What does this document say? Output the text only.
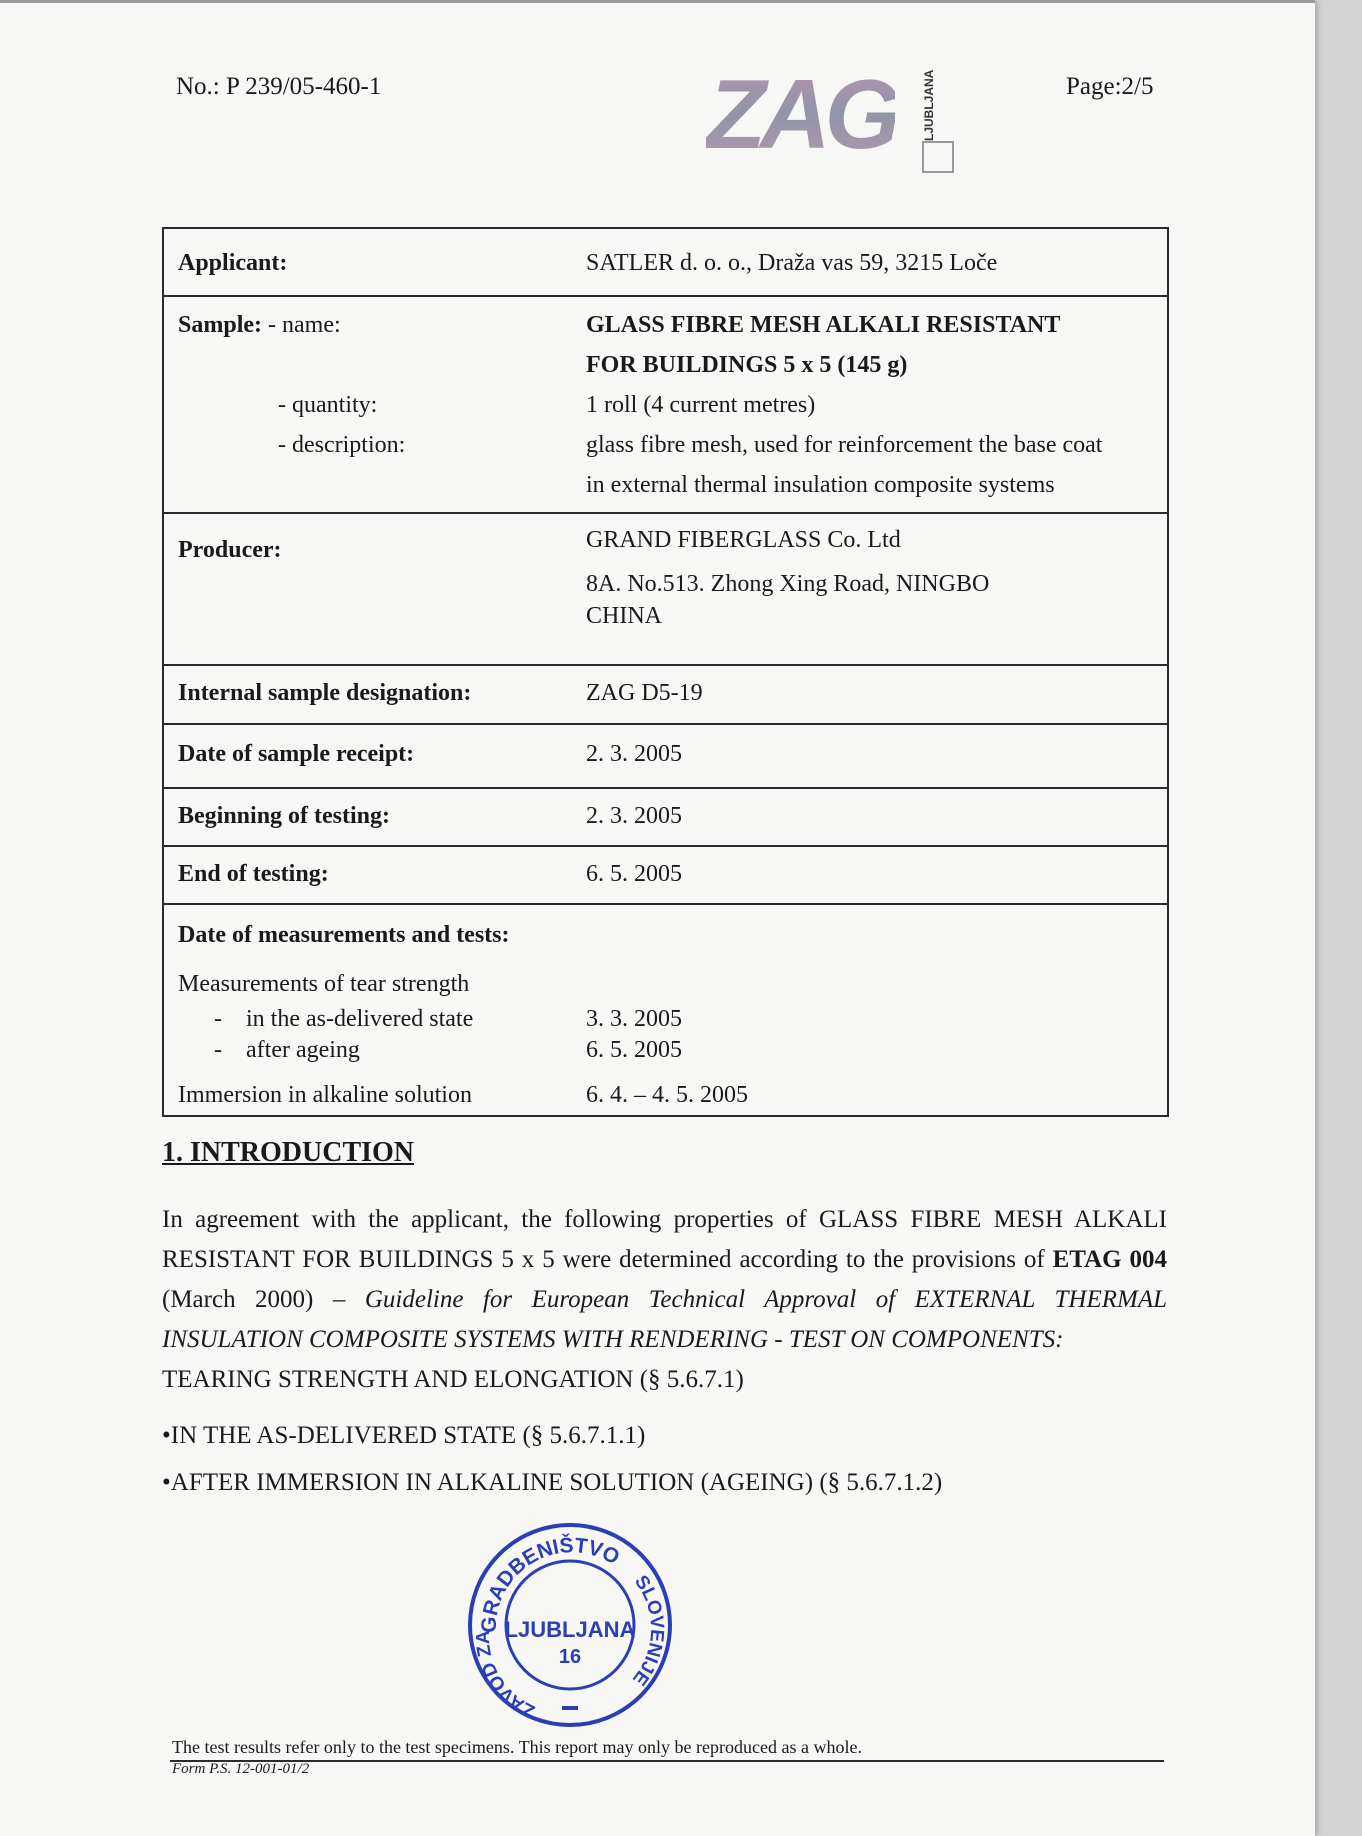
No.: P 239/05-460-1	Page:2/5
ZAG LJUBLJANA

Applicant:	SATLER d. o. o., Draža vas 59, 3215 Loče

Sample: - name:	GLASS FIBRE MESH ALKALI RESISTANT
FOR BUILDINGS 5 x 5 (145 g)
- quantity:	1 roll (4 current metres)
- description:	glass fibre mesh, used for reinforcement the base coat
in external thermal insulation composite systems

Producer:	GRAND FIBERGLASS Co. Ltd
8A. No.513. Zhong Xing Road, NINGBO
CHINA

Internal sample designation:	ZAG D5-19

Date of sample receipt:	2. 3. 2005

Beginning of testing:	2. 3. 2005

End of testing:	6. 5. 2005

Date of measurements and tests:
Measurements of tear strength
- in the as-delivered state	3. 3. 2005
- after ageing	6. 5. 2005
Immersion in alkaline solution	6. 4. – 4. 5. 2005
1. INTRODUCTION

In agreement with the applicant, the following properties of GLASS FIBRE MESH ALKALI RESISTANT FOR BUILDINGS 5 x 5 were determined according to the provisions of ETAG 004 (March 2000) – Guideline for European Technical Approval of EXTERNAL THERMAL INSULATION COMPOSITE SYSTEMS WITH RENDERING - TEST ON COMPONENTS:

TEARING STRENGTH AND ELONGATION (§ 5.6.7.1)

•IN THE AS-DELIVERED STATE (§ 5.6.7.1.1)
•AFTER IMMERSION IN ALKALINE SOLUTION (AGEING) (§ 5.6.7.1.2)
GRADBENIŠTVO
SLOVENIJE
ZAVOD ZA LJUBLJANA
16
The test results refer only to the test specimens. This report may only be reproduced as a whole.
Form P.S. 12-001-01/2
